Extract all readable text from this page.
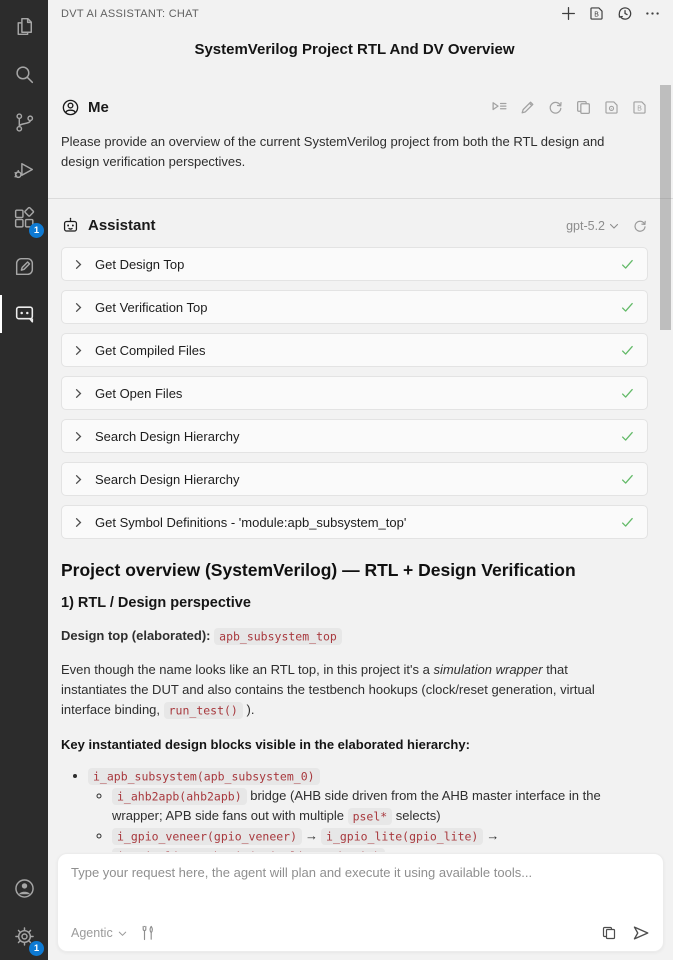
1
1
DVT AI ASSISTANT: CHAT	B
SystemVerilog Project RTL And DV Overview
Me	B
Please provide an overview of the current SystemVerilog project from both the RTL design and design verification perspectives.
Assistant	gpt-5.2
Get Design Top
Get Verification Top
Get Compiled Files
Get Open Files
Search Design Hierarchy
Search Design Hierarchy
Get Symbol Definitions - 'module:apb_subsystem_top'
Project overview (SystemVerilog) — RTL + Design Verification
1) RTL / Design perspective
Design top (elaborated): apb_subsystem_top
Even though the name looks like an RTL top, in this project it's a simulation wrapper that instantiates the DUT and also contains the testbench hookups (clock/reset generation, virtual interface binding, run_test() ).
Key instantiated design blocks visible in the elaborated hierarchy:
• i_apb_subsystem(apb_subsystem_0)
◦ i_ahb2apb(ahb2apb) bridge (AHB side driven from the AHB master interface in the wrapper; APB side fans out with multiple psel* selects)
◦ i_gpio_veneer(gpio_veneer) → i_gpio_lite(gpio_lite) →

Type your request here, the agent will plan and execute it using available tools...
Agentic
